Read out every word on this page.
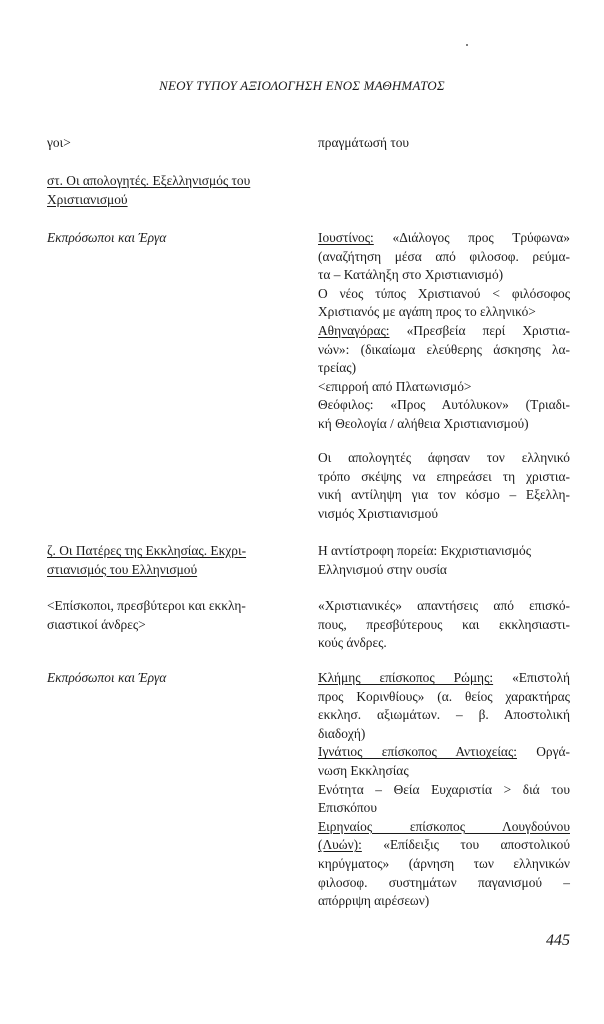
ΝΕΟΥ ΤΥΠΟΥ ΑΞΙΟΛΟΓΗΣΗ ΕΝΟΣ ΜΑΘΗΜΑΤΟΣ
γοι>
στ. Οι απολογητές. Εξελληνισμός του
Χριστιανισμού
Εκπρόσωποι και Έργα
ζ. Οι Πατέρες της Εκκλησίας. Εκχρι-
στιανισμός του Ελληνισμού
<Επίσκοποι, πρεσβύτεροι και εκκλη-
σιαστικοί άνδρες>
Εκπρόσωποι και Έργα
πραγμάτωσή του
Ιουστίνος: «Διάλογος προς Τρύφωνα»
(αναζήτηση μέσα από φιλοσοφ. ρεύμα-
τα – Κατάληξη στο Χριστιανισμό)
Ο νέος τύπος Χριστιανού < φιλόσοφος
Χριστιανός με αγάπη προς το ελληνικό>
Αθηναγόρας: «Πρεσβεία περί Χριστια-
νών»: (δικαίωμα ελεύθερης άσκησης λα-
τρείας)
<επιρροή από Πλατωνισμό>
Θεόφιλος: «Προς Αυτόλυκον» (Τριαδι-
κή Θεολογία / αλήθεια Χριστιανισμού)
Οι απολογητές άφησαν τον ελληνικό
τρόπο σκέψης να επηρεάσει τη χριστια-
νική αντίληψη για τον κόσμο – Εξελλη-
νισμός Χριστιανισμού
Η αντίστροφη πορεία: Εκχριστιανισμός
Ελληνισμού στην ουσία
«Χριστιανικές» απαντήσεις από επισκό-
πους, πρεσβύτερους και εκκλησιαστι-
κούς άνδρες.
Κλήμης επίσκοπος Ρώμης: «Επιστολή
προς Κορινθίους» (α. θείος χαρακτήρας
εκκλησ. αξιωμάτων. – β. Αποστολική
διαδοχή)
Ιγνάτιος επίσκοπος Αντιοχείας: Οργά-
νωση Εκκλησίας
Ενότητα – Θεία Ευχαριστία > διά του
Επισκόπου
Ειρηναίος επίσκοπος Λουγδούνου
(Λυών): «Επίδειξις του αποστολικού
κηρύγματος» (άρνηση των ελληνικών
φιλοσοφ. συστημάτων παγανισμού –
απόρριψη αιρέσεων)
445
